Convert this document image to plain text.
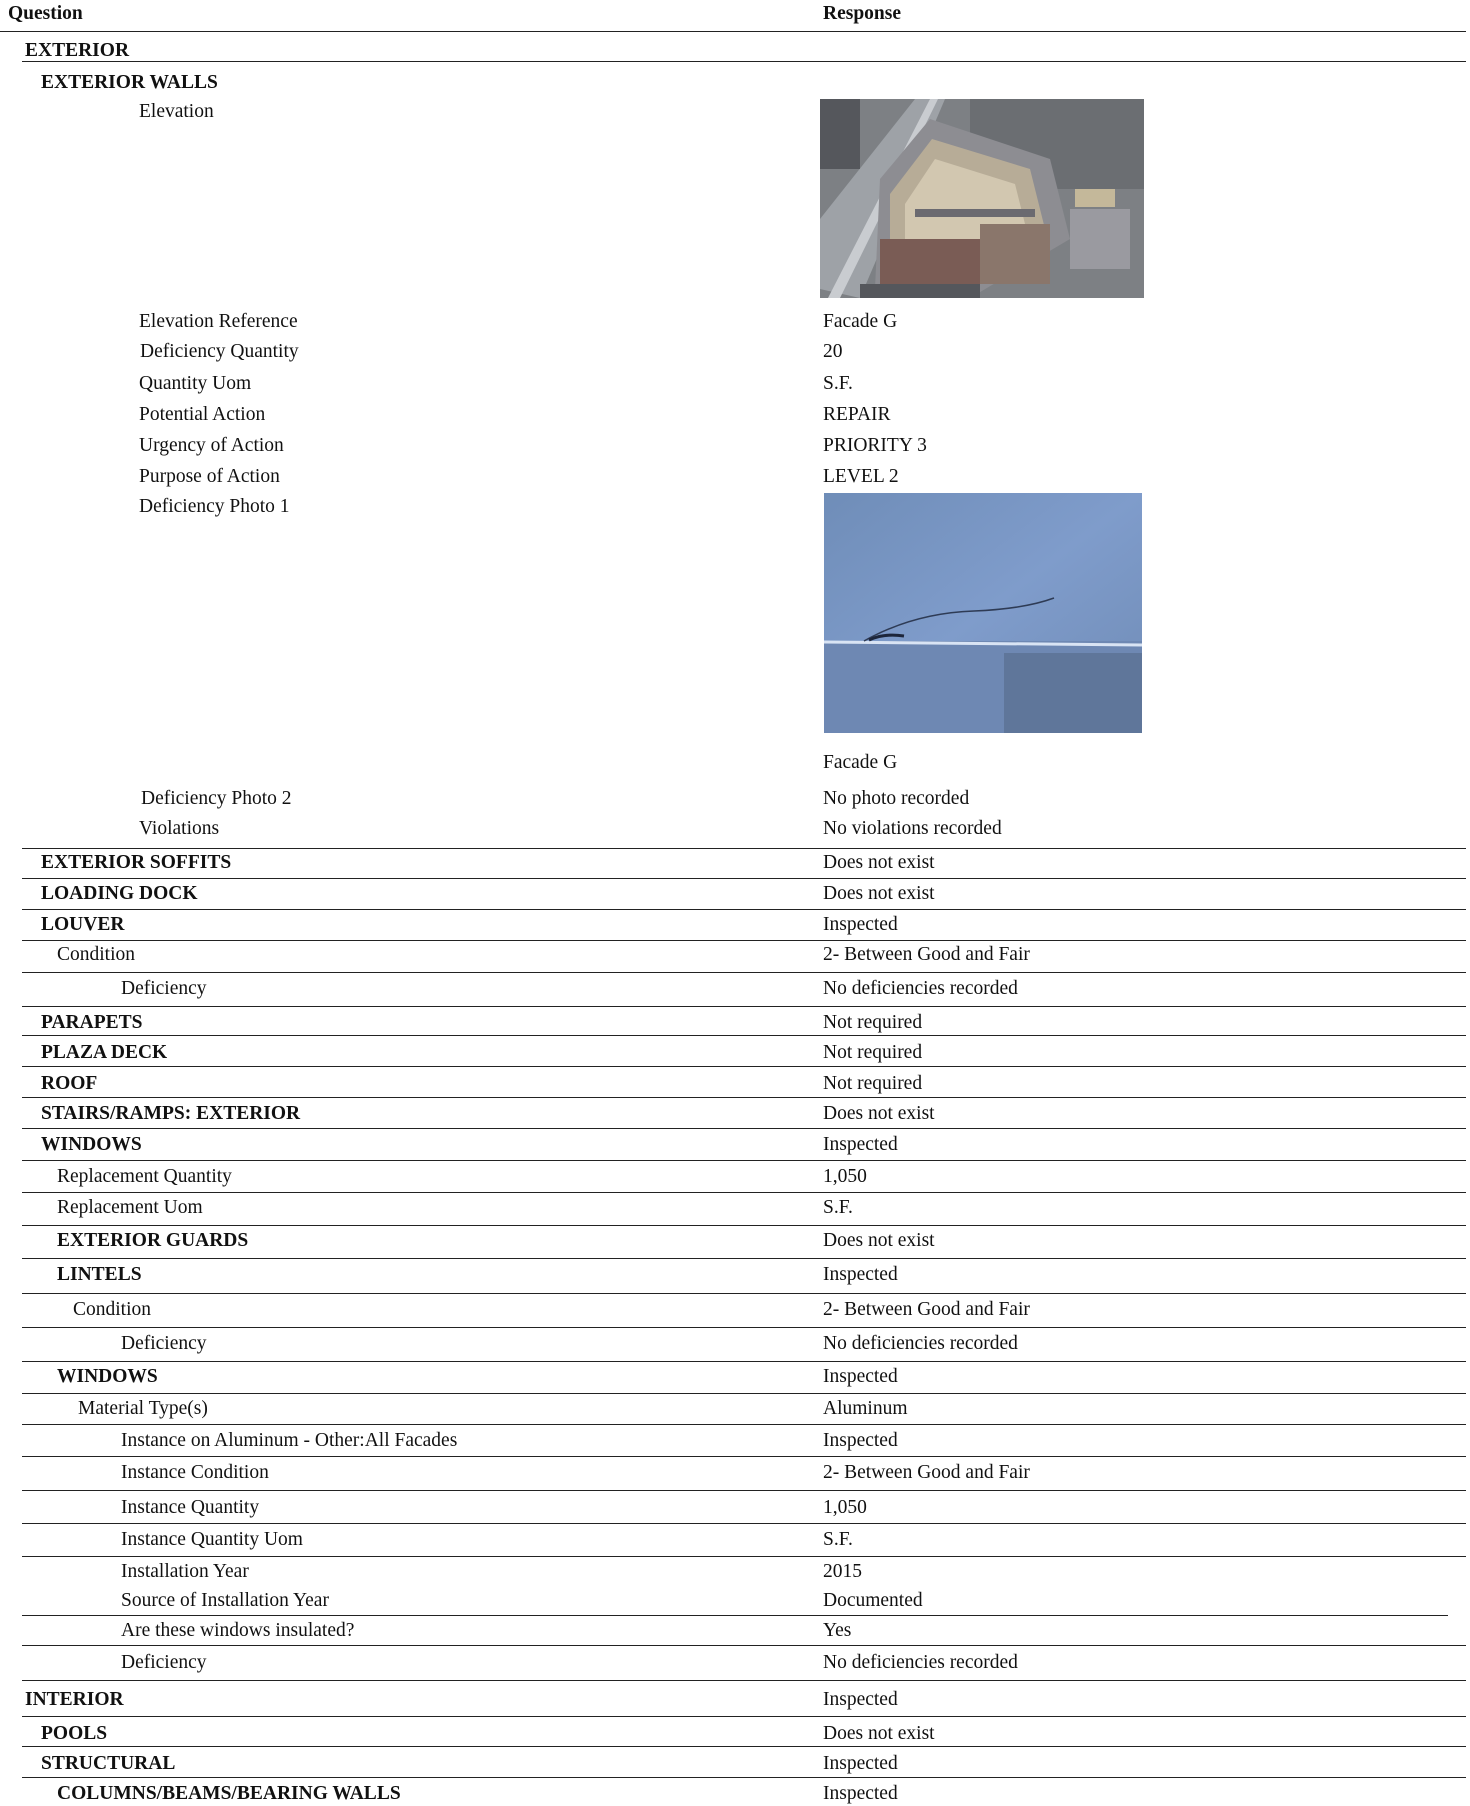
Question	Response
EXTERIOR
EXTERIOR WALLS
Elevation
Elevation Reference	Facade G
Deficiency Quantity	20
Quantity Uom	S.F.
Potential Action	REPAIR
Urgency of Action	PRIORITY 3
Purpose of Action	LEVEL 2
Deficiency Photo 1
Facade G
Deficiency Photo 2	No photo recorded
Violations	No violations recorded
EXTERIOR SOFFITS	Does not exist
LOADING DOCK	Does not exist
LOUVER	Inspected
Condition	2- Between Good and Fair
Deficiency	No deficiencies recorded
PARAPETS	Not required
PLAZA DECK	Not required
ROOF	Not required
STAIRS/RAMPS: EXTERIOR	Does not exist
WINDOWS	Inspected
Replacement Quantity	1,050
Replacement Uom	S.F.
EXTERIOR GUARDS	Does not exist
LINTELS	Inspected
Condition	2- Between Good and Fair
Deficiency	No deficiencies recorded
WINDOWS	Inspected
Material Type(s)	Aluminum
Instance on Aluminum - Other:All Facades	Inspected
Instance Condition	2- Between Good and Fair
Instance Quantity	1,050
Instance Quantity Uom	S.F.
Installation Year	2015
Source of Installation Year	Documented
Are these windows insulated?	Yes
Deficiency	No deficiencies recorded
INTERIOR	Inspected
POOLS	Does not exist
STRUCTURAL	Inspected
COLUMNS/BEAMS/BEARING WALLS	Inspected
